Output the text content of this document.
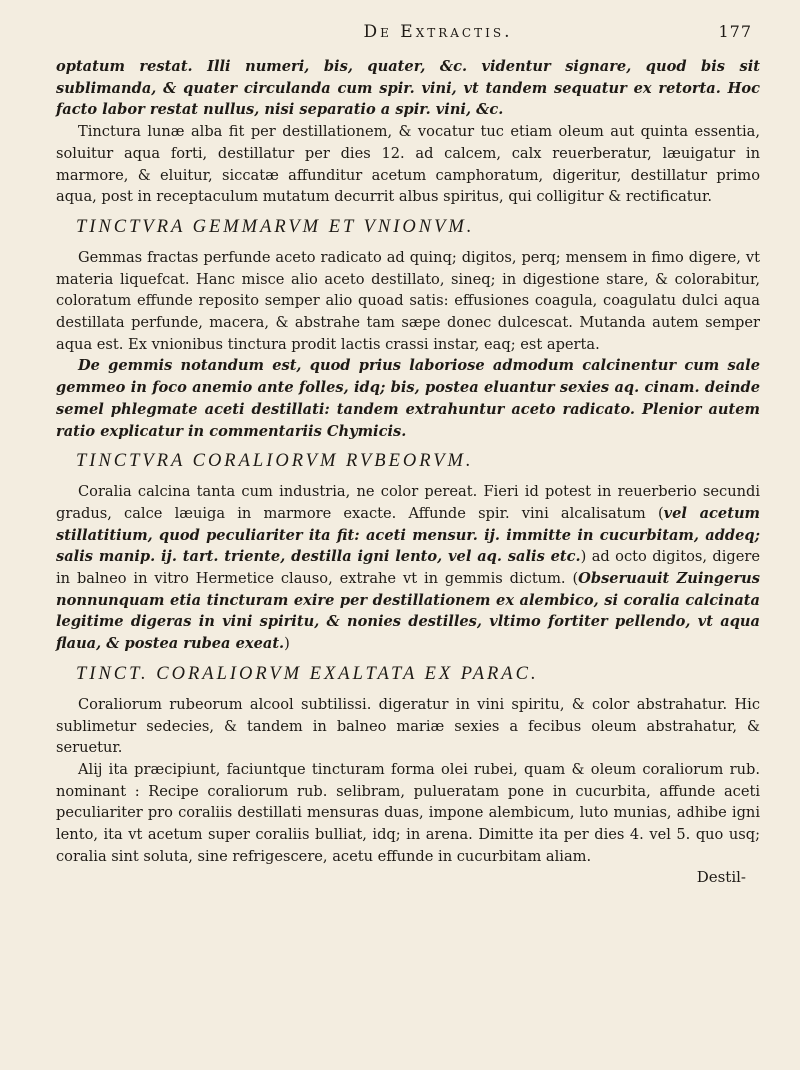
De Extractis.	177

optatum restat. Illi numeri, bis, quater, &c. videntur signare, quod bis sit sublimanda, & quater circulanda cum spir. vini, vt tandem sequatur ex retorta. Hoc facto labor restat nullus, nisi separatio a spir. vini, &c.

Tinctura lunæ alba fit per destillationem, & vocatur tuc etiam oleum aut quinta essentia, soluitur aqua forti, destillatur per dies 12. ad calcem, calx reuerberatur, læuigatur in marmore, & eluitur, siccatæ affunditur acetum camphoratum, digeritur, destillatur primo aqua, post in receptaculum mutatum decurrit albus spiritus, qui colligitur & rectificatur.

TINCTVRA GEMMARVM ET VNIONVM.

Gemmas fractas perfunde aceto radicato ad quinq; digitos, perq; mensem in fimo digere, vt materia liquefcat. Hanc misce alio aceto destillato, sineq; in digestione stare, & colorabitur, coloratum effunde reposito semper alio quoad satis: effusiones coagula, coagulatu dulci aqua destillata perfunde, macera, & abstrahe tam sæpe donec dulcescat. Mutanda autem semper aqua est. Ex vnionibus tinctura prodit lactis crassi instar, eaq; est aperta.

De gemmis notandum est, quod prius laboriose admodum calcinentur cum sale gemmeo in foco anemio ante folles, idq; bis, postea eluantur sexies aq. cinam. deinde semel phlegmate aceti destillati: tandem extrahuntur aceto radicato. Plenior autem ratio explicatur in commentariis Chymicis.

TINCTVRA CORALIORVM RVBEORVM.

Coralia calcina tanta cum industria, ne color pereat. Fieri id potest in reuerberio secundi gradus, calce læuiga in marmore exacte. Affunde spir. vini alcalisatum (vel acetum stillatitium, quod peculiariter ita fit: aceti mensur. ij. immitte in cucurbitam, addeq; salis manip. ij. tart. triente, destilla igni lento, vel aq. salis etc.) ad octo digitos, digere in balneo in vitro Hermetice clauso, extrahe vt in gemmis dictum. (Obseruauit Zuingerus nonnunquam etia tincturam exire per destillationem ex alembico, si coralia calcinata legitime digeras in vini spiritu, & nonies destilles, vltimo fortiter pellendo, vt aqua flaua, & postea rubea exeat.)

TINCT. CORALIORVM EXALTATA EX PARAC.

Coraliorum rubeorum alcool subtilissi. digeratur in vini spiritu, & color abstrahatur. Hic sublimetur sedecies, & tandem in balneo mariæ sexies a fecibus oleum abstrahatur, & seruetur.

Alij ita præcipiunt, faciuntque tincturam forma olei rubei, quam & oleum coraliorum rub. nominant : Recipe coraliorum rub. selibram, pulueratam pone in cucurbita, affunde aceti peculiariter pro coraliis destillati mensuras duas, impone alembicum, luto munias, adhibe igni lento, ita vt acetum super coraliis bulliat, idq; in arena. Dimitte ita per dies 4. vel 5. quo usq; coralia sint soluta, sine refrigescere, acetu effunde in cucurbitam aliam.

Destil-
